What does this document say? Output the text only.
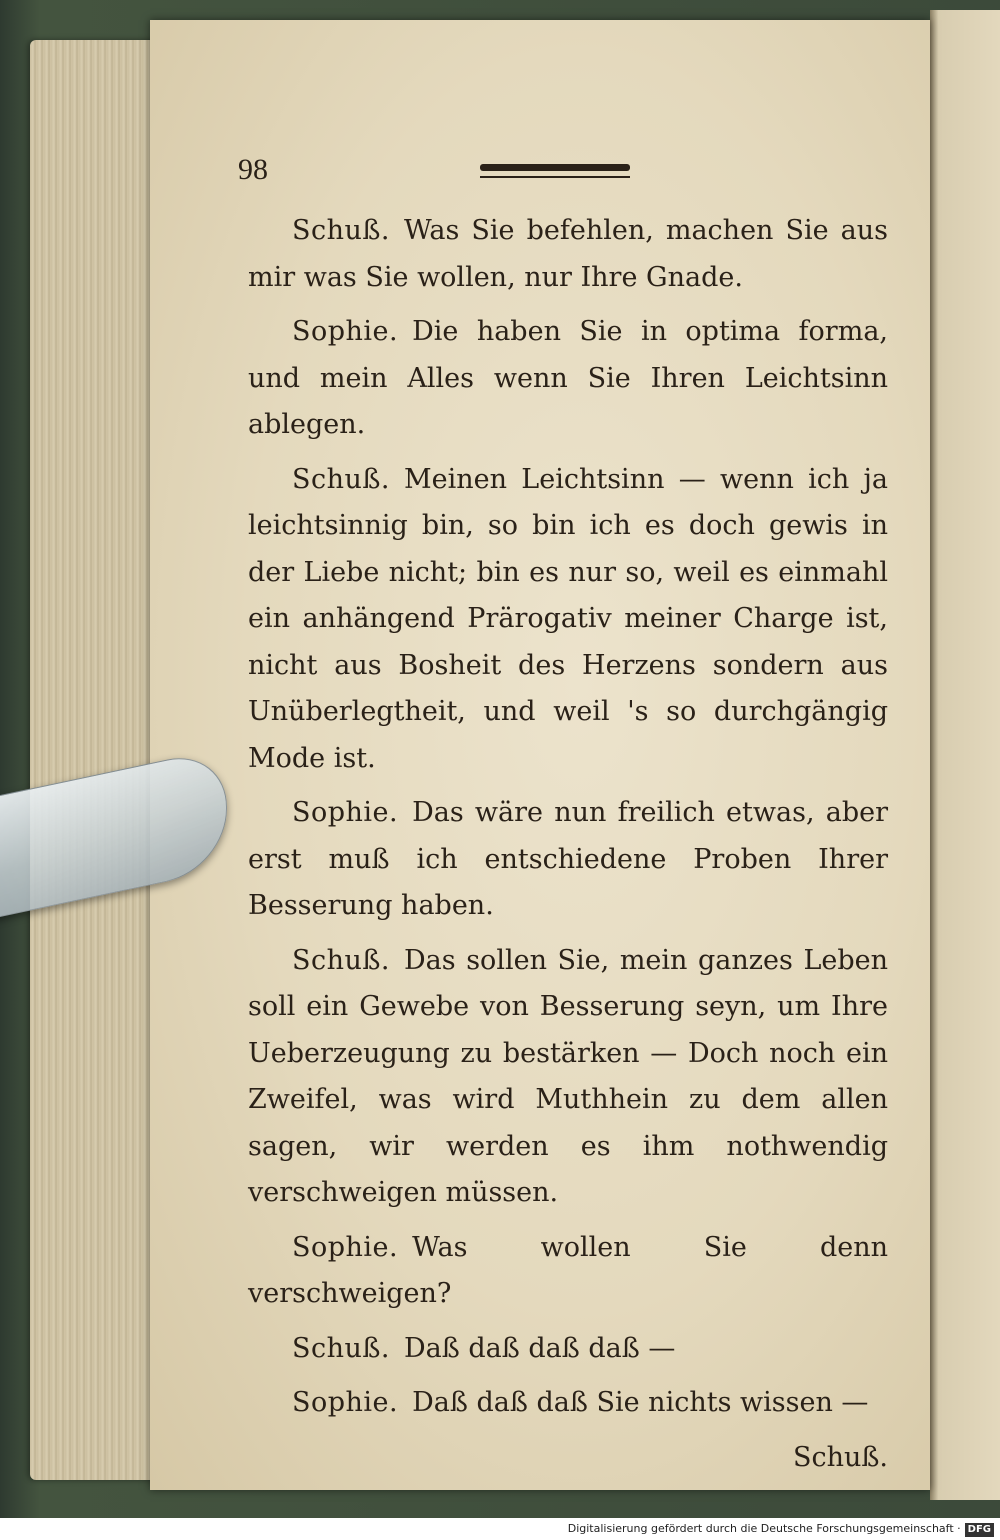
98

Schuß. Was Sie befehlen, machen Sie aus mir was Sie wollen, nur Ihre Gnade.

Sophie. Die haben Sie in optima forma, und mein Alles wenn Sie Ihren Leichtsinn ablegen.

Schuß. Meinen Leichtsinn — wenn ich ja leichtsinnig bin, so bin ich es doch gewis in der Liebe nicht; bin es nur so, weil es einmahl ein anhängend Prärogativ meiner Charge ist, nicht aus Bosheit des Herzens sondern aus Unüberlegtheit, und weil 's so durchgängig Mode ist.

Sophie. Das wäre nun freilich etwas, aber erst muß ich entschiedene Proben Ihrer Besserung haben.

Schuß. Das sollen Sie, mein ganzes Leben soll ein Gewebe von Besserung seyn, um Ihre Ueberzeugung zu bestärken — Doch noch ein Zweifel, was wird Muthhein zu dem allen sagen, wir werden es ihm nothwendig verschweigen müssen.

Sophie. Was wollen Sie denn verschweigen?

Schuß. Daß daß daß daß —

Sophie. Daß daß daß Sie nichts wissen —

Schuß.
Digitalisierung gefördert durch die Deutsche Forschungsgemeinschaft · DFG
